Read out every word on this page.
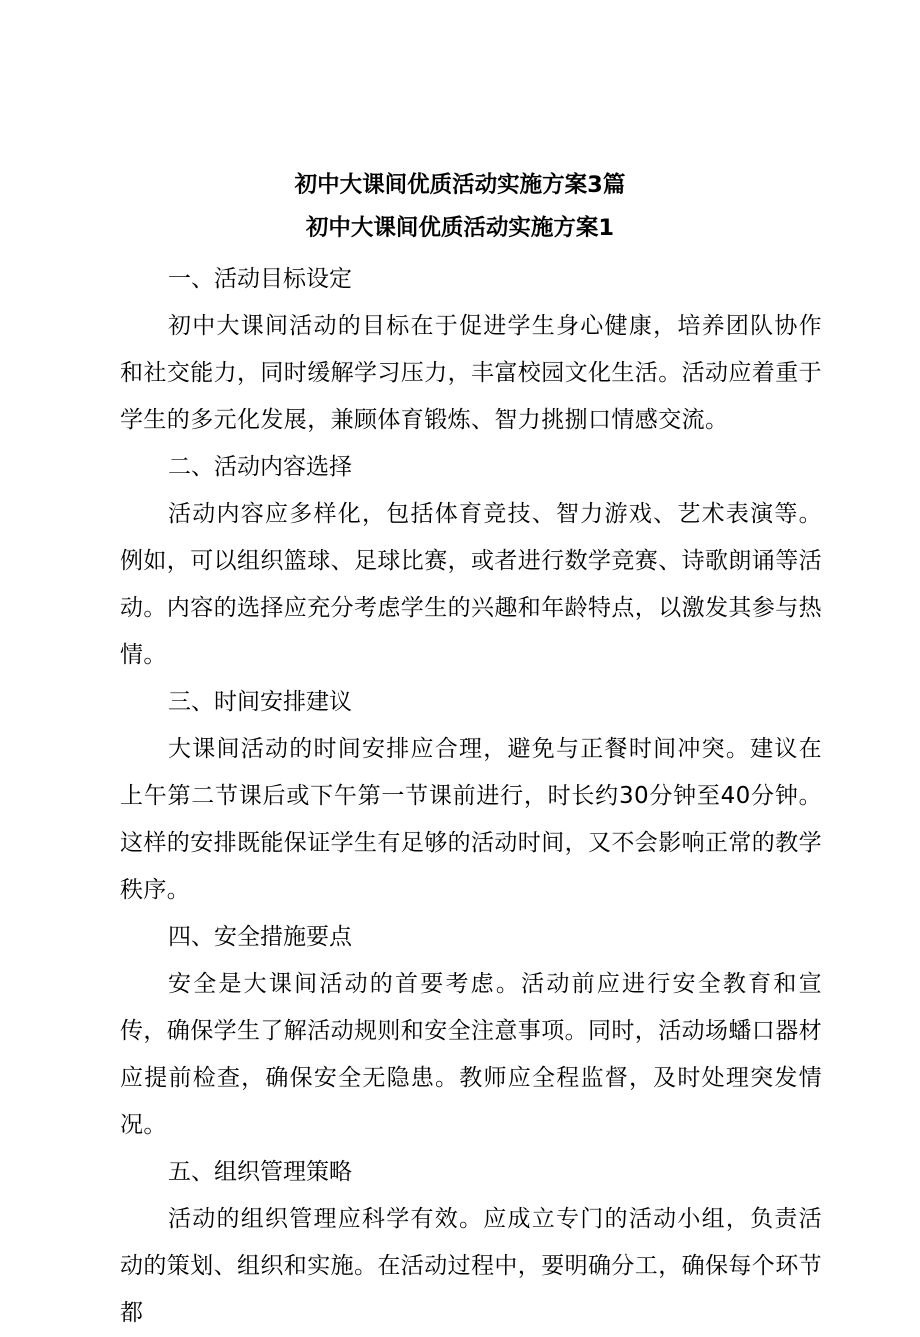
初中大课间优质活动实施方案3篇
初中大课间优质活动实施方案1

一、活动目标设定

初中大课间活动的目标在于促进学生身心健康，培养团队协作和社交能力，同时缓解学习压力，丰富校园文化生活。活动应着重于学生的多元化发展，兼顾体育锻炼、智力挑捌口情感交流。

二、活动内容选择

活动内容应多样化，包括体育竞技、智力游戏、艺术表演等。例如，可以组织篮球、足球比赛，或者进行数学竞赛、诗歌朗诵等活动。内容的选择应充分考虑学生的兴趣和年龄特点，以激发其参与热情。

三、时间安排建议

大课间活动的时间安排应合理，避免与正餐时间冲突。建议在上午第二节课后或下午第一节课前进行，时长约30分钟至40分钟。这样的安排既能保证学生有足够的活动时间，又不会影响正常的教学秩序。

四、安全措施要点

安全是大课间活动的首要考虑。活动前应进行安全教育和宣传，确保学生了解活动规则和安全注意事项。同时，活动场蟠口器材应提前检查，确保安全无隐患。教师应全程监督，及时处理突发情况。

五、组织管理策略

活动的组织管理应科学有效。应成立专门的活动小组，负责活动的策划、组织和实施。在活动过程中，要明确分工，确保每个环节都
